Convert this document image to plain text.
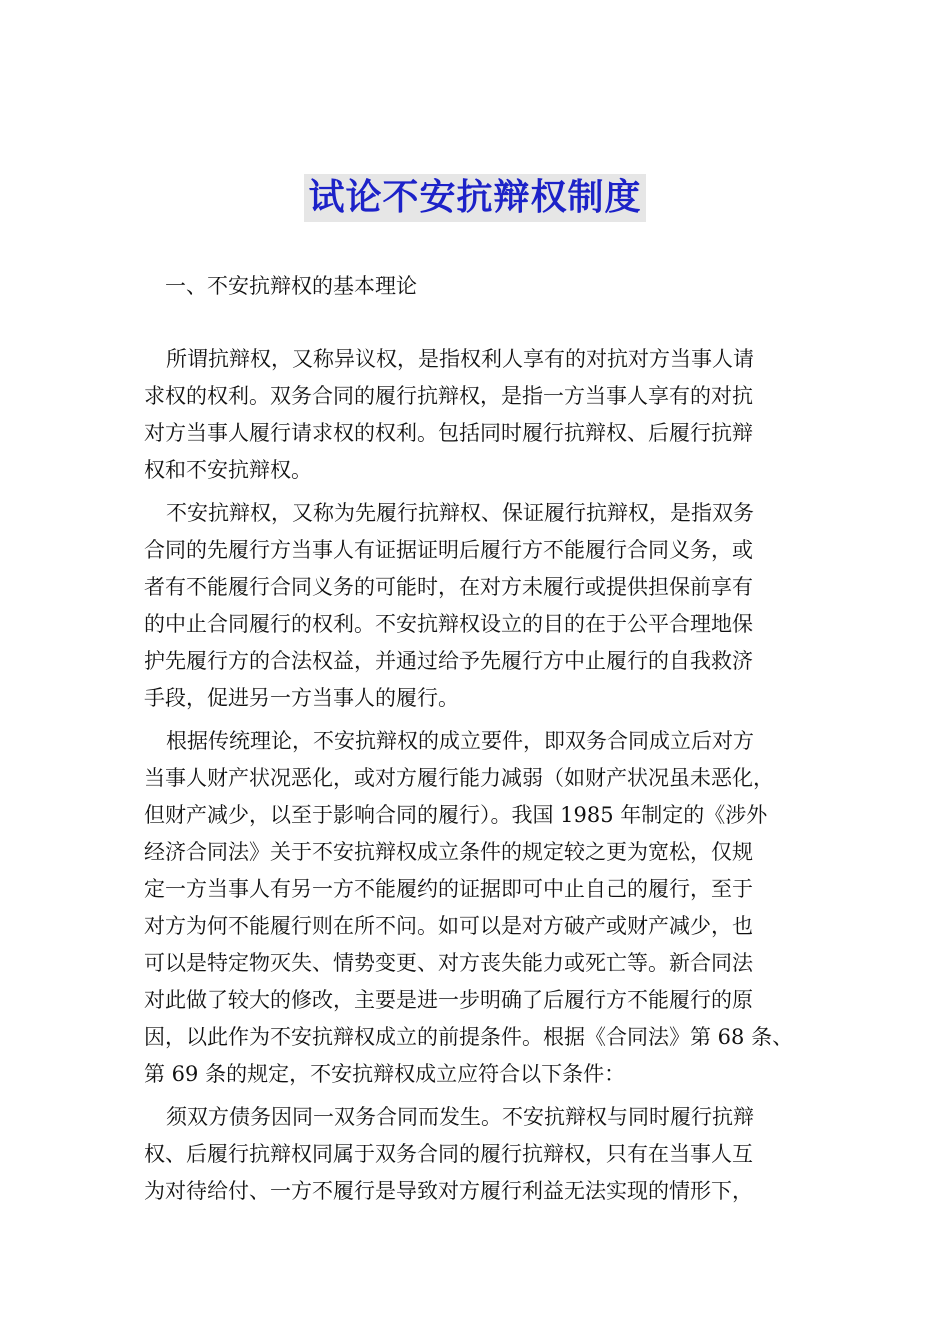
试论不安抗辩权制度
一、不安抗辩权的基本理论
所谓抗辩权，又称异议权，是指权利人享有的对抗对方当事人请
求权的权利。双务合同的履行抗辩权，是指一方当事人享有的对抗
对方当事人履行请求权的权利。包括同时履行抗辩权、后履行抗辩
权和不安抗辩权。
不安抗辩权，又称为先履行抗辩权、保证履行抗辩权，是指双务
合同的先履行方当事人有证据证明后履行方不能履行合同义务，或
者有不能履行合同义务的可能时，在对方未履行或提供担保前享有
的中止合同履行的权利。不安抗辩权设立的目的在于公平合理地保
护先履行方的合法权益，并通过给予先履行方中止履行的自我救济
手段，促进另一方当事人的履行。
根据传统理论，不安抗辩权的成立要件，即双务合同成立后对方
当事人财产状况恶化，或对方履行能力减弱（如财产状况虽未恶化，
但财产减少，以至于影响合同的履行）。我国 1985 年制定的《涉外
经济合同法》关于不安抗辩权成立条件的规定较之更为宽松，仅规
定一方当事人有另一方不能履约的证据即可中止自己的履行，至于
对方为何不能履行则在所不问。如可以是对方破产或财产减少，也
可以是特定物灭失、情势变更、对方丧失能力或死亡等。新合同法
对此做了较大的修改，主要是进一步明确了后履行方不能履行的原
因，以此作为不安抗辩权成立的前提条件。根据《合同法》第 68 条、
第 69 条的规定，不安抗辩权成立应符合以下条件：
须双方债务因同一双务合同而发生。不安抗辩权与同时履行抗辩
权、后履行抗辩权同属于双务合同的履行抗辩权，只有在当事人互
为对待给付、一方不履行是导致对方履行利益无法实现的情形下，
